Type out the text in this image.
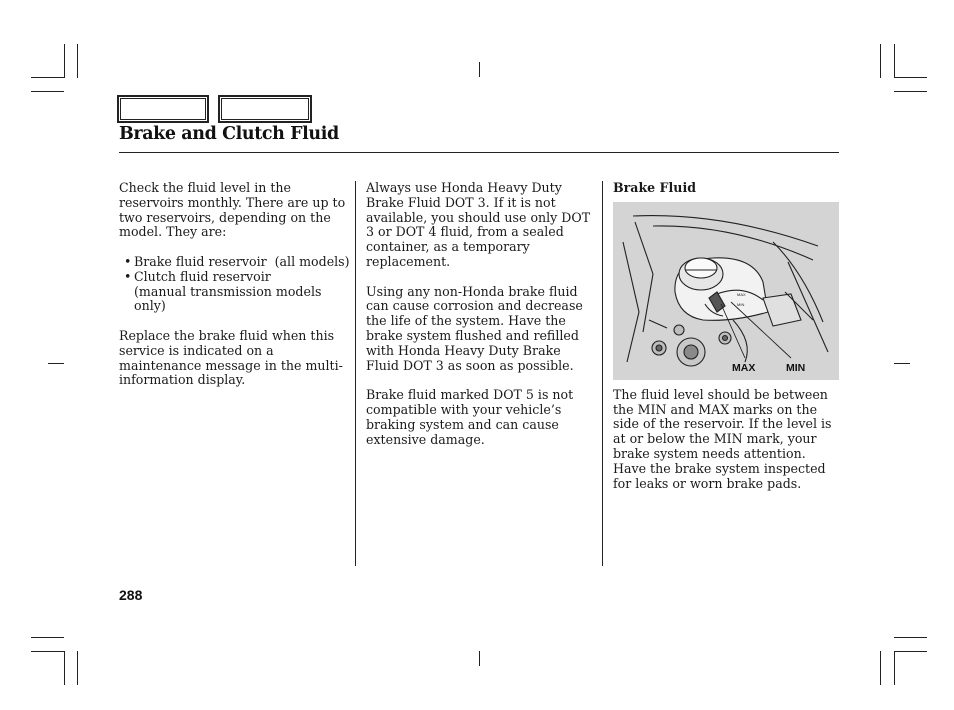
Brake and Clutch Fluid

Check the fluid level in the reservoirs monthly. There are up to two reservoirs, depending on the model. They are:

• Brake fluid reservoir  (all models)
• Clutch fluid reservoir
(manual transmission models only)

Replace the brake fluid when this service is indicated on a maintenance message in the multi-information display.

Always use Honda Heavy Duty Brake Fluid DOT 3. If it is not available, you should use only DOT 3 or DOT 4 fluid, from a sealed container, as a temporary replacement.

Using any non-Honda brake fluid can cause corrosion and decrease the life of the system. Have the brake system flushed and refilled with Honda Heavy Duty Brake Fluid DOT 3 as soon as possible.

Brake fluid marked DOT 5 is not compatible with your vehicle’s braking system and can cause extensive damage.

Brake Fluid
MAX
MIN
MAX	MIN

The fluid level should be between the MIN and MAX marks on the side of the reservoir. If the level is at or below the MIN mark, your brake system needs attention. Have the brake system inspected for leaks or worn brake pads.

288
